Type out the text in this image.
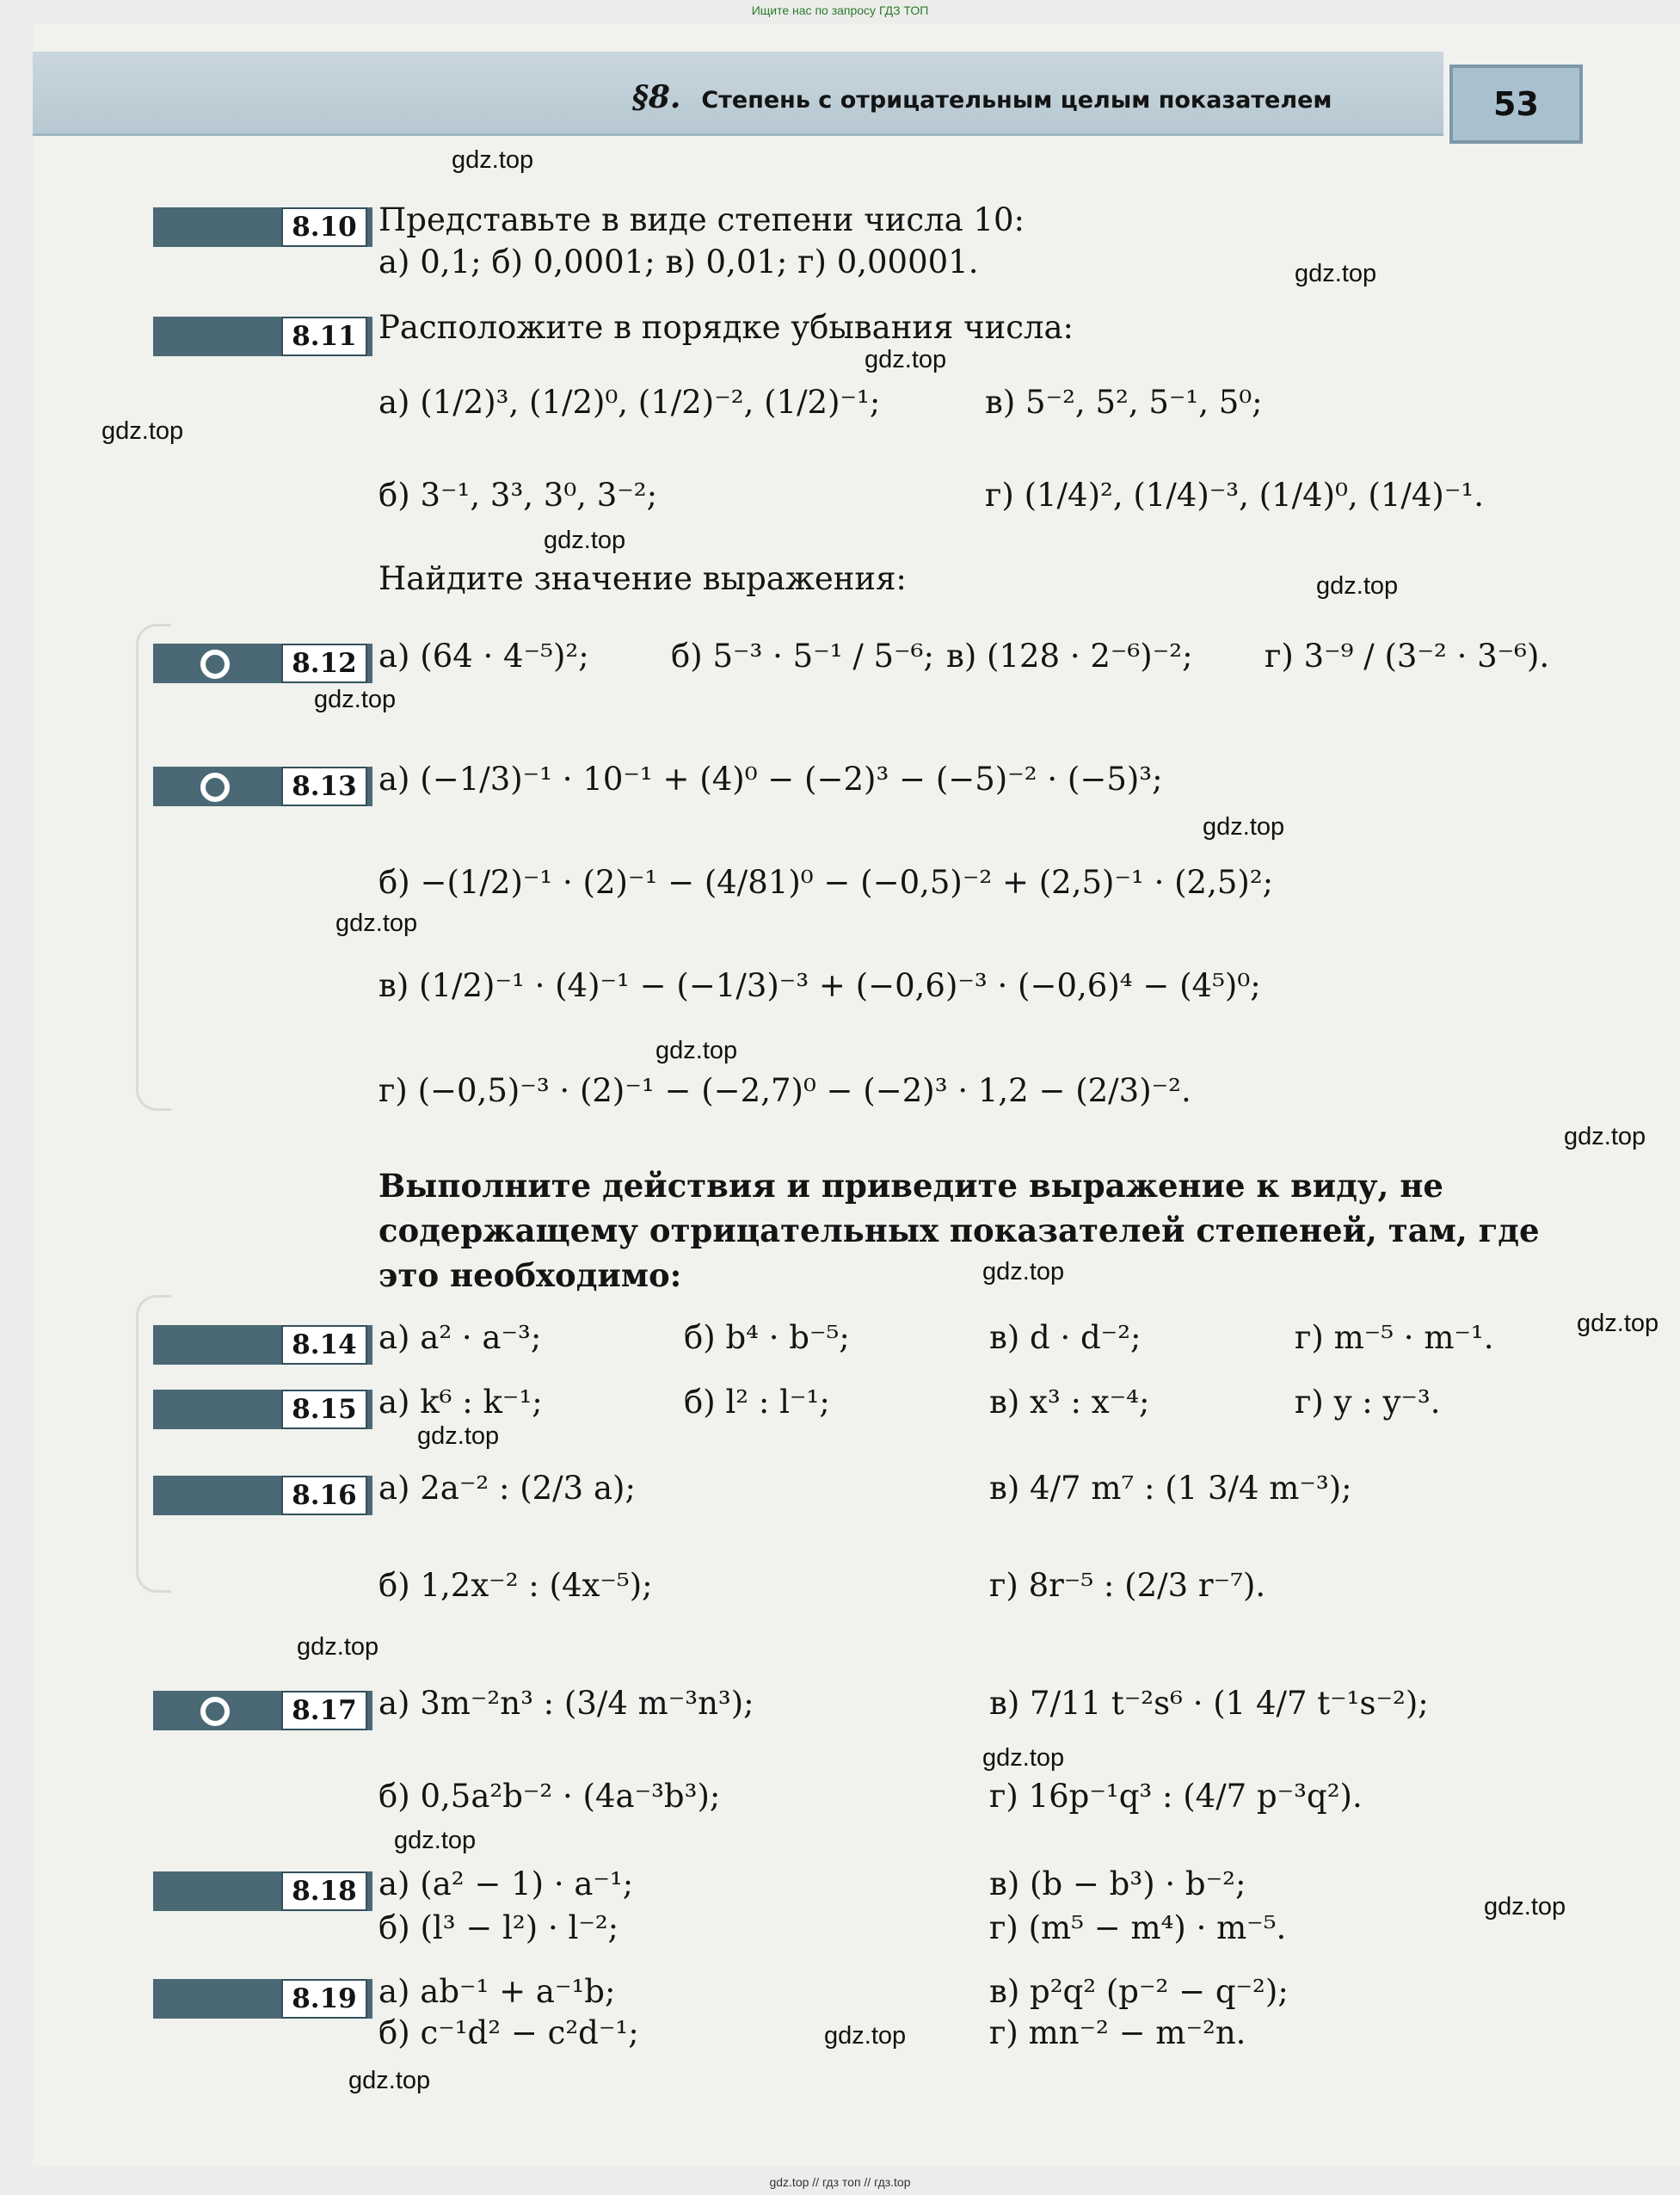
Ищите нас по запросу ГДЗ ТОП
§8. Степень с отрицательным целым показателем	53
8.10 Представьте в виде степени числа 10:
а) 0,1; б) 0,0001; в) 0,01; г) 0,00001.
8.11 Расположите в порядке убывания числа:
а) (1/2)³, (1/2)⁰, (1/2)⁻², (1/2)⁻¹;	в) 5⁻², 5², 5⁻¹, 5⁰;
б) 3⁻¹, 3³, 3⁰, 3⁻²;	г) (1/4)², (1/4)⁻³, (1/4)⁰, (1/4)⁻¹.
Найдите значение выражения:
8.12 а) (64 · 4⁻⁵)²;	б) 5⁻³ · 5⁻¹ / 5⁻⁶; в) (128 · 2⁻⁶)⁻²; г) 3⁻⁹ / (3⁻² · 3⁻⁶).
8.13 а) (−1/3)⁻¹ · 10⁻¹ + (4)⁰ − (−2)³ − (−5)⁻² · (−5)³;
б) −(1/2)⁻¹ · (2)⁻¹ − (4/81)⁰ − (−0,5)⁻² + (2,5)⁻¹ · (2,5)²;
в) (1/2)⁻¹ · (4)⁻¹ − (−1/3)⁻³ + (−0,6)⁻³ · (−0,6)⁴ − (4⁵)⁰;
г) (−0,5)⁻³ · (2)⁻¹ − (−2,7)⁰ − (−2)³ · 1,2 − (2/3)⁻².
Выполните действия и приведите выражение к виду, не содержащему отрицательных показателей степеней, там, где это необходимо:
8.14 а) a² · a⁻³;	б) b⁴ · b⁻⁵;	в) d · d⁻²;	г) m⁻⁵ · m⁻¹.
8.15 а) k⁶ : k⁻¹;	б) l² : l⁻¹;	в) x³ : x⁻⁴;	г) y : y⁻³.
8.16 а) 2a⁻² : (2/3 a);	в) 4/7 m⁷ : (1 3/4 m⁻³);
б) 1,2x⁻² : (4x⁻⁵);	г) 8r⁻⁵ : (2/3 r⁻⁷).
8.17 а) 3m⁻²n³ : (3/4 m⁻³n³);	в) 7/11 t⁻²s⁶ · (1 4/7 t⁻¹s⁻²);
б) 0,5a²b⁻² · (4a⁻³b³);	г) 16p⁻¹q³ : (4/7 p⁻³q²).
8.18 а) (a² − 1) · a⁻¹;	в) (b − b³) · b⁻²;
б) (l³ − l²) · l⁻²;	г) (m⁵ − m⁴) · m⁻⁵.
8.19 а) ab⁻¹ + a⁻¹b;	в) p²q² (p⁻² − q⁻²);
б) c⁻¹d² − c²d⁻¹;	г) mn⁻² − m⁻²n.
gdz.top
gdz.top
gdz.top
gdz.top
gdz.top
gdz.top
gdz.top
gdz.top
gdz.top
gdz.top
gdz.top
gdz.top
gdz.top
gdz.top
gdz.top
gdz.top
gdz.top
gdz.top
gdz.top
gdz.top
gdz.top // гдз топ // гдз.top
